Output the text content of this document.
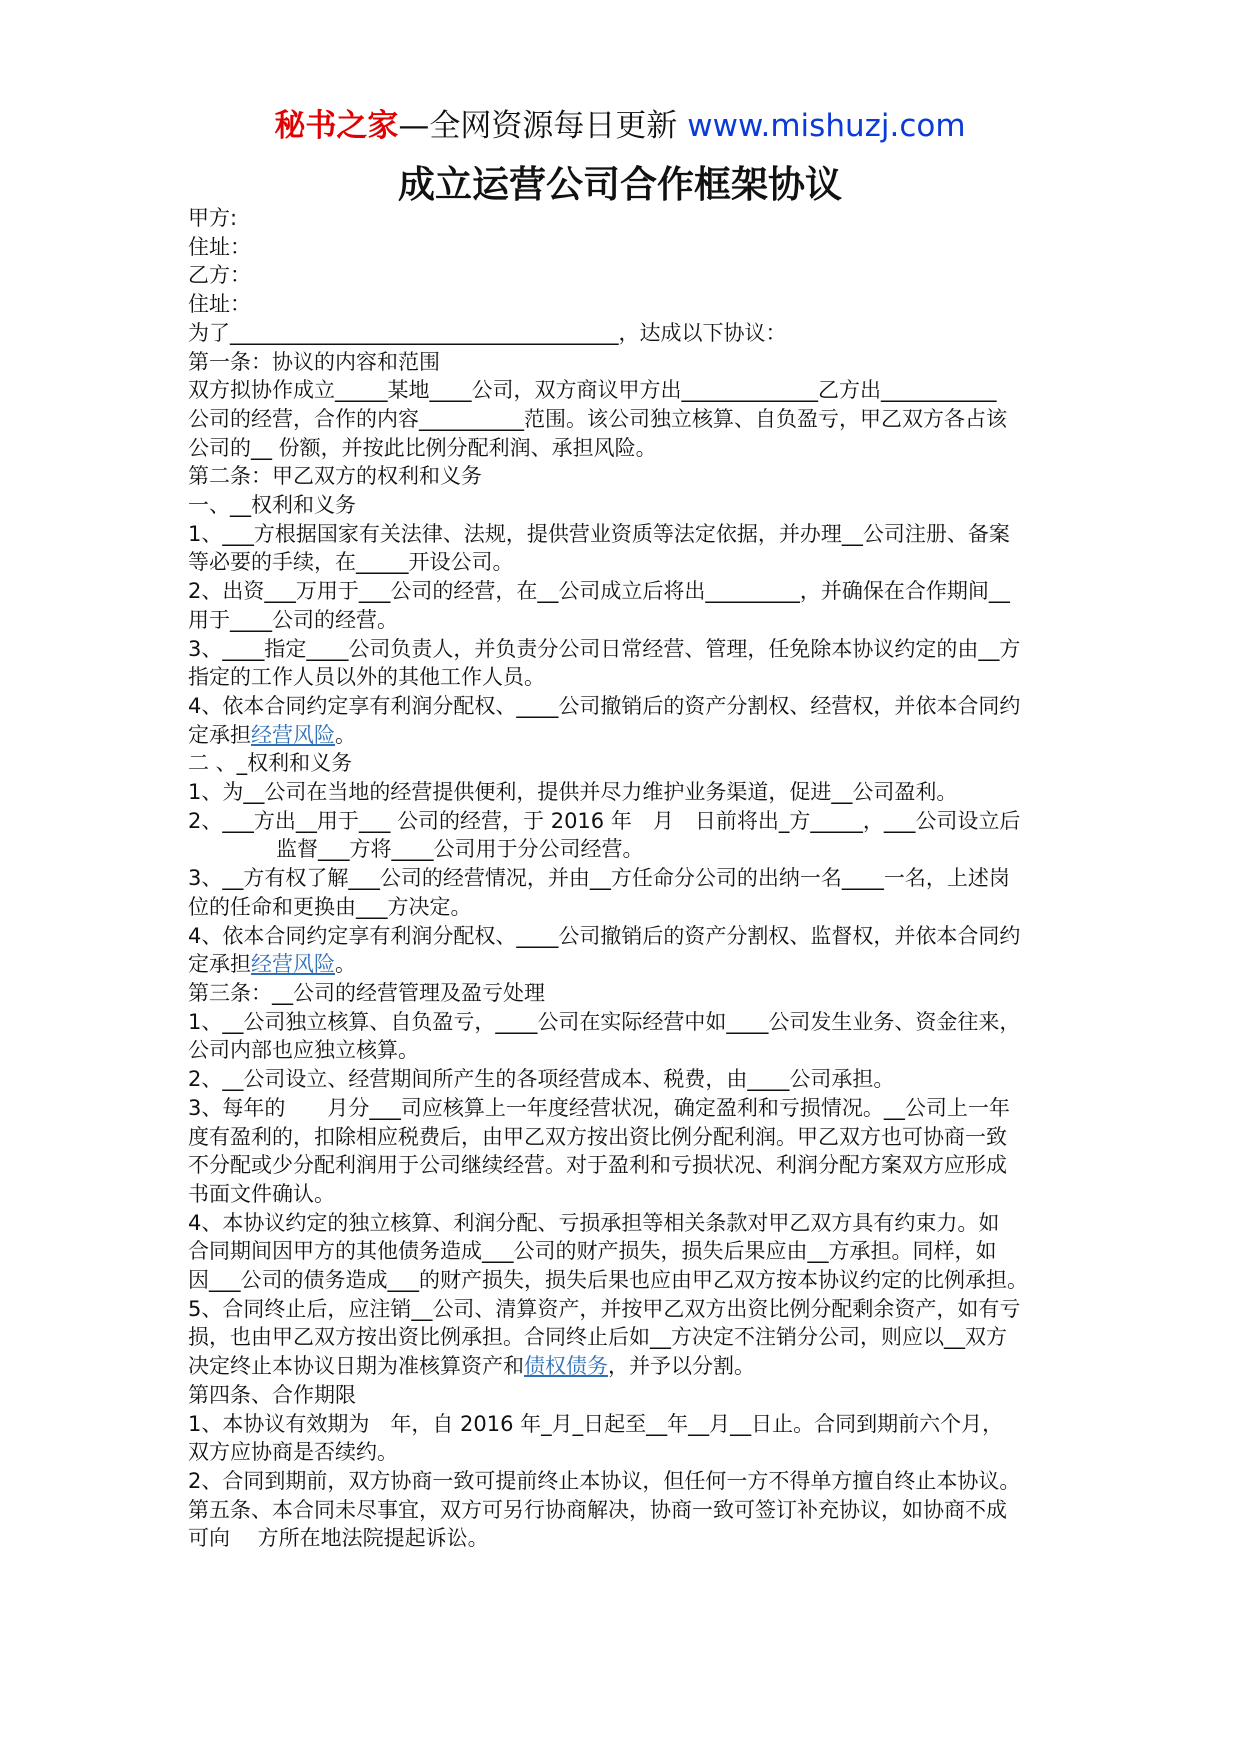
秘书之家—全网资源每日更新 www.mishuzj.com
成立运营公司合作框架协议
甲方:
住址：
乙方：
住址：
为了_____________________________________，达成以下协议：
第一条：协议的内容和范围
双方拟协作成立_____某地____公司，双方商议甲方出_____________乙方出___________
公司的经营，合作的内容__________范围。该公司独立核算、自负盈亏，甲乙双方各占该
公司的__ 份额，并按此比例分配利润、承担风险。
第二条：甲乙双方的权利和义务
一、__权利和义务
1、___方根据国家有关法律、法规，提供营业资质等法定依据，并办理__公司注册、备案
等必要的手续，在_____开设公司。
2、出资___万用于___公司的经营，在__公司成立后将出_________，并确保在合作期间__
用于____公司的经营。
3、____指定____公司负责人，并负责分公司日常经营、管理，任免除本协议约定的由__方
指定的工作人员以外的其他工作人员。
4、依本合同约定享有利润分配权、____公司撤销后的资产分割权、经营权，并依本合同约
定承担经营风险。
二 、_权利和义务
1、为__公司在当地的经营提供便利，提供并尽力维护业务渠道，促进__公司盈利。
2、___方出__用于___ 公司的经营，于 2016 年　月　日前将出_方_____，___公司设立后
监督___方将____公司用于分公司经营。
3、__方有权了解___公司的经营情况，并由__方任命分公司的出纳一名____一名，上述岗
位的任命和更换由___方决定。
4、依本合同约定享有利润分配权、____公司撤销后的资产分割权、监督权，并依本合同约
定承担经营风险。
第三条：__公司的经营管理及盈亏处理
1、__公司独立核算、自负盈亏，____公司在实际经营中如____公司发生业务、资金往来，
公司内部也应独立核算。
2、__公司设立、经营期间所产生的各项经营成本、税费，由____公司承担。
3、每年的　　月分___司应核算上一年度经营状况，确定盈利和亏损情况。__公司上一年
度有盈利的，扣除相应税费后，由甲乙双方按出资比例分配利润。甲乙双方也可协商一致
不分配或少分配利润用于公司继续经营。对于盈利和亏损状况、利润分配方案双方应形成
书面文件确认。
4、本协议约定的独立核算、利润分配、亏损承担等相关条款对甲乙双方具有约束力。如
合同期间因甲方的其他债务造成___公司的财产损失，损失后果应由__方承担。同样，如
因___公司的债务造成___的财产损失，损失后果也应由甲乙双方按本协议约定的比例承担。
5、合同终止后，应注销__公司、清算资产，并按甲乙双方出资比例分配剩余资产，如有亏
损，也由甲乙双方按出资比例承担。合同终止后如__方决定不注销分公司，则应以__双方
决定终止本协议日期为准核算资产和债权债务，并予以分割。
第四条、合作期限
1、本协议有效期为　年，自 2016 年_月_日起至__年__月__日止。合同到期前六个月，
双方应协商是否续约。
2、合同到期前，双方协商一致可提前终止本协议，但任何一方不得单方擅自终止本协议。
第五条、本合同未尽事宜，双方可另行协商解决，协商一致可签订补充协议，如协商不成
可向　 方所在地法院提起诉讼。
